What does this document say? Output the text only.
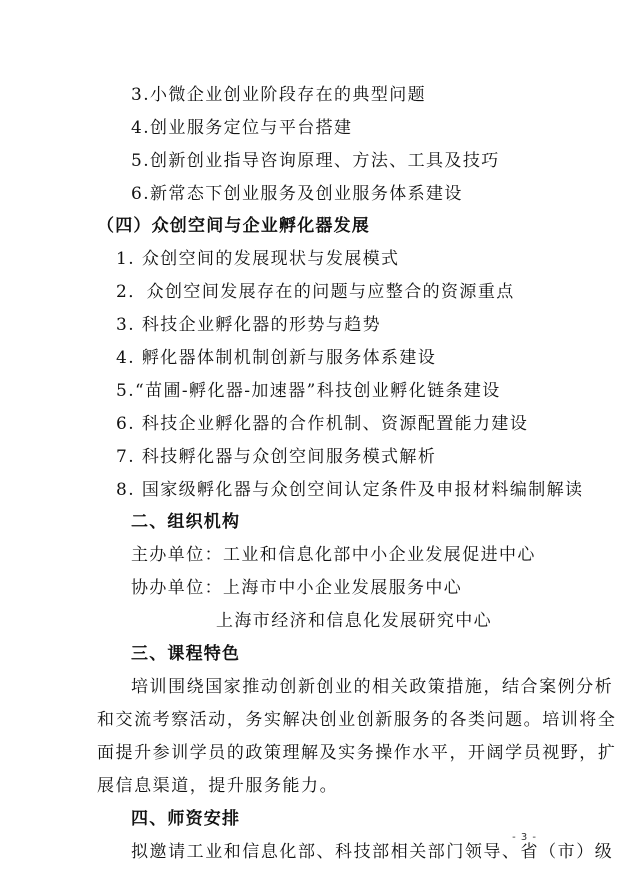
3.小微企业创业阶段存在的典型问题
4.创业服务定位与平台搭建
5.创新创业指导咨询原理、方法、工具及技巧
6.新常态下创业服务及创业服务体系建设
（四）众创空间与企业孵化器发展
1. 众创空间的发展现状与发展模式
2．众创空间发展存在的问题与应整合的资源重点
3. 科技企业孵化器的形势与趋势
4. 孵化器体制机制创新与服务体系建设
5.“苗圃-孵化器-加速器”科技创业孵化链条建设
6. 科技企业孵化器的合作机制、资源配置能力建设
7. 科技孵化器与众创空间服务模式解析
8. 国家级孵化器与众创空间认定条件及申报材料编制解读
二、组织机构
主办单位：工业和信息化部中小企业发展促进中心
协办单位：上海市中小企业发展服务中心
上海市经济和信息化发展研究中心
三、课程特色
培训围绕国家推动创新创业的相关政策措施，结合案例分析
和交流考察活动，务实解决创业创新服务的各类问题。培训将全
面提升参训学员的政策理解及实务操作水平，开阔学员视野，扩
展信息渠道，提升服务能力。
四、师资安排
拟邀请工业和信息化部、科技部相关部门领导、省（市）级
- 3 -
